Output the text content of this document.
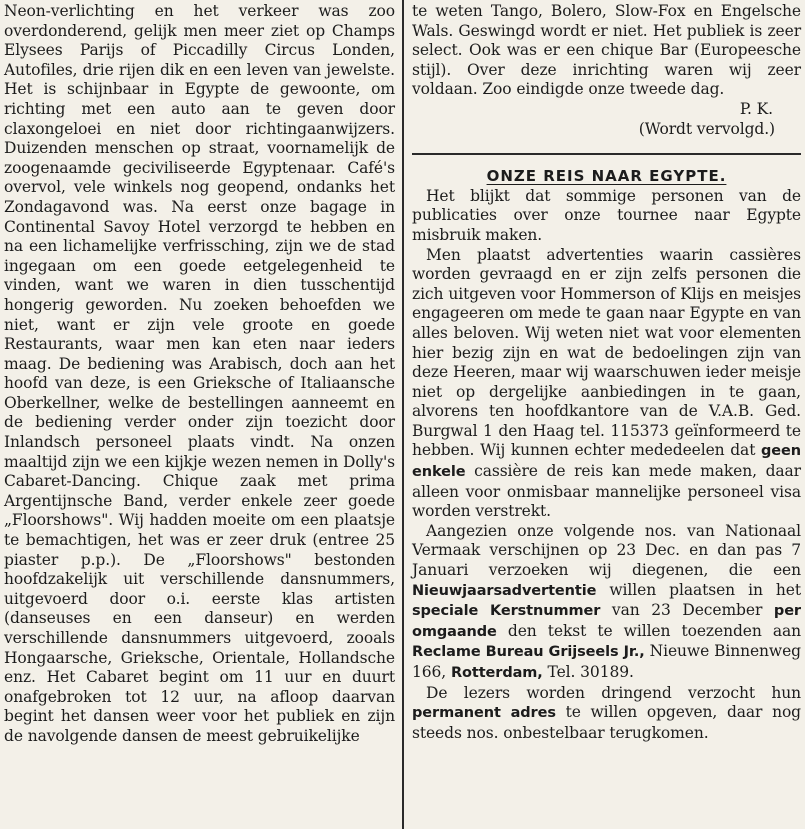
Neon-verlichting en het verkeer was zoo overdonderend, gelijk men meer ziet op Champs Elysees Parijs of Piccadilly Circus Londen, Autofiles, drie rijen dik en een leven van jewelste. Het is schijnbaar in Egypte de gewoonte, om richting met een auto aan te geven door claxongeloei en niet door richtingaanwijzers. Duizenden menschen op straat, voornamelijk de zoogenaamde geciviliseerde Egyptenaar. Café's overvol, vele winkels nog geopend, ondanks het Zondagavond was. Na eerst onze bagage in Continental Savoy Hotel verzorgd te hebben en na een lichamelijke verfrissching, zijn we de stad ingegaan om een goede eetgelegenheid te vinden, want we waren in dien tusschentijd hongerig geworden. Nu zoeken behoefden we niet, want er zijn vele groote en goede Restaurants, waar men kan eten naar ieders maag. De bediening was Arabisch, doch aan het hoofd van deze, is een Grieksche of Italiaansche Oberkellner, welke de bestellingen aanneemt en de bediening verder onder zijn toezicht door Inlandsch personeel plaats vindt. Na onzen maaltijd zijn we een kijkje wezen nemen in Dolly's Cabaret-Dancing. Chique zaak met prima Argentijnsche Band, verder enkele zeer goede „Floorshows". Wij hadden moeite om een plaatsje te bemachtigen, het was er zeer druk (entree 25 piaster p.p.). De „Floorshows" bestonden hoofdzakelijk uit verschillende dansnummers, uitgevoerd door o.i. eerste klas artisten (danseuses en een danseur) en werden verschillende dansnummers uitgevoerd, zooals Hongaarsche, Grieksche, Orientale, Hollandsche enz. Het Cabaret begint om 11 uur en duurt onafgebroken tot 12 uur, na afloop daarvan begint het dansen weer voor het publiek en zijn de navolgende dansen de meest gebruikelijke

te weten Tango, Bolero, Slow-Fox en Engelsche Wals. Geswingd wordt er niet. Het publiek is zeer select. Ook was er een chique Bar (Europeesche stijl). Over deze inrichting waren wij zeer voldaan. Zoo eindigde onze tweede dag.

P. K.

(Wordt vervolgd.)

ONZE REIS NAAR EGYPTE.

Het blijkt dat sommige personen van de publicaties over onze tournee naar Egypte misbruik maken.

Men plaatst advertenties waarin cassières worden gevraagd en er zijn zelfs personen die zich uitgeven voor Hommerson of Klijs en meisjes engageeren om mede te gaan naar Egypte en van alles beloven. Wij weten niet wat voor elementen hier bezig zijn en wat de bedoelingen zijn van deze Heeren, maar wij waarschuwen ieder meisje niet op dergelijke aanbiedingen in te gaan, alvorens ten hoofdkantore van de V.A.B. Ged. Burgwal 1 den Haag tel. 115373 geïnformeerd te hebben. Wij kunnen echter mededeelen dat geen enkele cassière de reis kan mede maken, daar alleen voor onmisbaar mannelijke personeel visa worden verstrekt.

Aangezien onze volgende nos. van Nationaal Vermaak verschijnen op 23 Dec. en dan pas 7 Januari verzoeken wij diegenen, die een Nieuwjaarsadvertentie willen plaatsen in het speciale Kerstnummer van 23 December per omgaande den tekst te willen toezenden aan Reclame Bureau Grijseels Jr., Nieuwe Binnenweg 166, Rotterdam, Tel. 30189.

De lezers worden dringend verzocht hun permanent adres te willen opgeven, daar nog steeds nos. onbestelbaar terugkomen.
